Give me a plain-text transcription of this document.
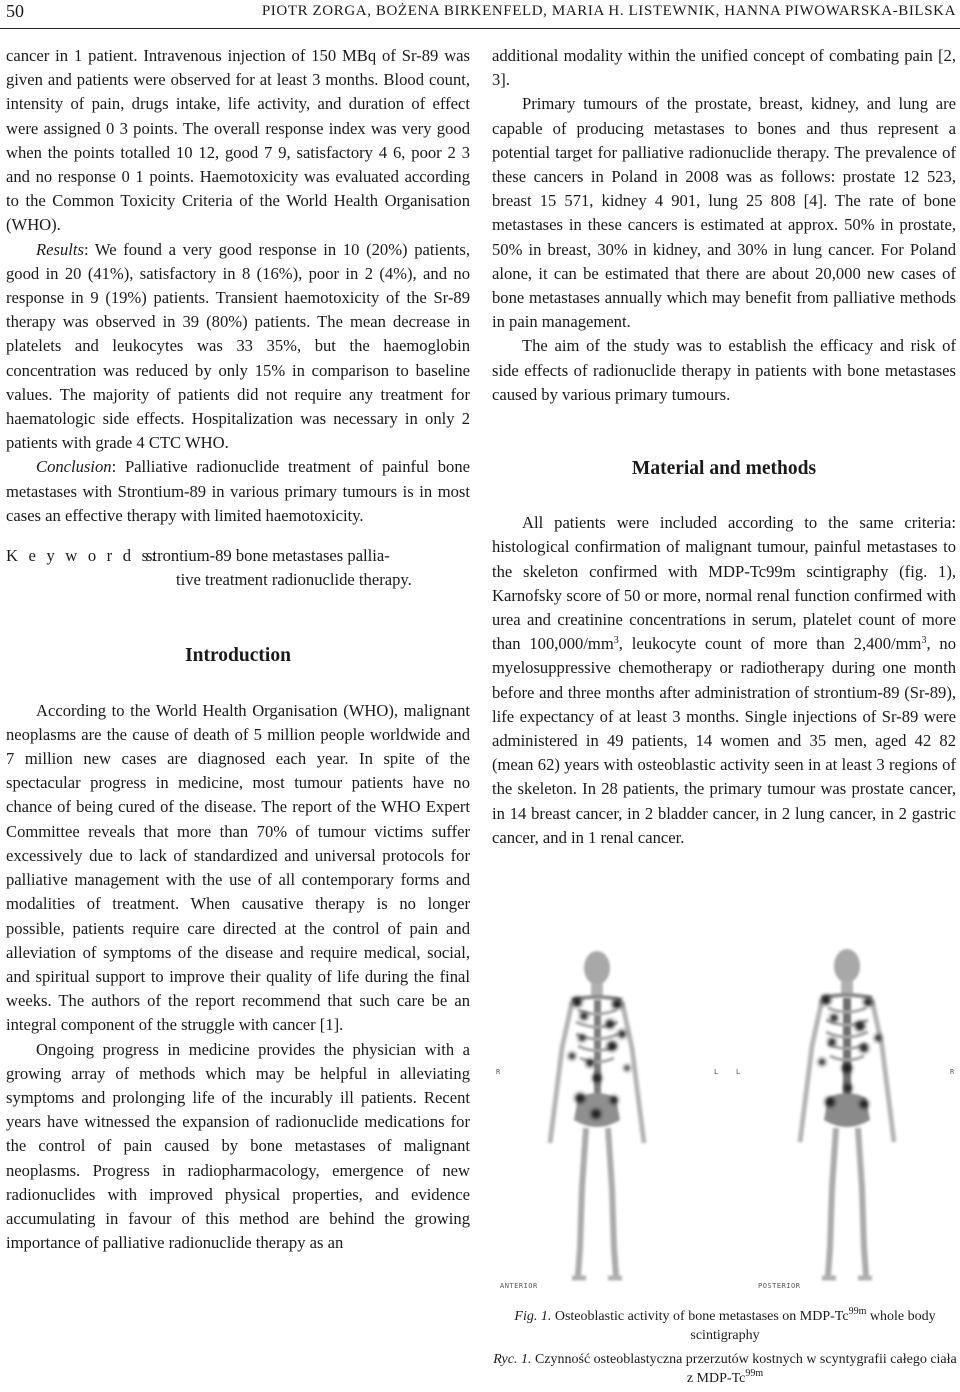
50	PIOTR ZORGA, BOŻENA BIRKENFELD, MARIA H. LISTEWNIK, HANNA PIWOWARSKA-BILSKA

cancer in 1 patient. Intravenous injection of 150 MBq of Sr-89 was given and patients were observed for at least 3 months. Blood count, intensity of pain, drugs intake, life activity, and duration of effect were assigned 0 3 points. The overall response index was very good when the points totalled 10 12, good 7 9, satisfactory 4 6, poor 2 3 and no response 0 1 points. Haemotoxicity was evaluated according to the Common Toxicity Criteria of the World Health Organisation (WHO).

Results: We found a very good response in 10 (20%) patients, good in 20 (41%), satisfactory in 8 (16%), poor in 2 (4%), and no response in 9 (19%) patients. Transient haemotoxicity of the Sr-89 therapy was observed in 39 (80%) patients. The mean decrease in platelets and leukocytes was 33 35%, but the haemoglobin concentration was reduced by only 15% in comparison to baseline values. The majority of patients did not require any treatment for haematologic side effects. Hospitalization was necessary in only 2 patients with grade 4 CTC WHO.

Conclusion: Palliative radionuclide treatment of painful bone metastases with Strontium-89 in various primary tumours is in most cases an effective therapy with limited haemotoxicity.

K e y w o r d s:
strontium-89 bone metastases pallia-
tive treatment radionuclide therapy.
Introduction

According to the World Health Organisation (WHO), malignant neoplasms are the cause of death of 5 million people worldwide and 7 million new cases are diagnosed each year. In spite of the spectacular progress in medicine, most tumour patients have no chance of being cured of the disease. The report of the WHO Expert Committee reveals that more than 70% of tumour victims suffer excessively due to lack of standardized and universal protocols for palliative management with the use of all contemporary forms and modalities of treatment. When causative therapy is no longer possible, patients require care directed at the control of pain and alleviation of symptoms of the disease and require medical, social, and spiritual support to improve their quality of life during the final weeks. The authors of the report recommend that such care be an integral component of the struggle with cancer [1].

Ongoing progress in medicine provides the physician with a growing array of methods which may be helpful in alleviating symptoms and prolonging life of the incurably ill patients. Recent years have witnessed the expansion of radionuclide medications for the control of pain caused by bone metastases of malignant neoplasms. Progress in radiopharmacology, emergence of new radionuclides with improved physical properties, and evidence accumulating in favour of this method are behind the growing importance of palliative radionuclide therapy as an

additional modality within the unified concept of combating pain [2, 3].

Primary tumours of the prostate, breast, kidney, and lung are capable of producing metastases to bones and thus represent a potential target for palliative radionuclide therapy. The prevalence of these cancers in Poland in 2008 was as follows: prostate 12 523, breast 15 571, kidney 4 901, lung 25 808 [4]. The rate of bone metastases in these cancers is estimated at approx. 50% in prostate, 50% in breast, 30% in kidney, and 30% in lung cancer. For Poland alone, it can be estimated that there are about 20,000 new cases of bone metastases annually which may benefit from palliative methods in pain management.

The aim of the study was to establish the efficacy and risk of side effects of radionuclide therapy in patients with bone metastases caused by various primary tumours.

Material and methods

All patients were included according to the same criteria: histological confirmation of malignant tumour, painful metastases to the skeleton confirmed with MDP-Tc99m scintigraphy (fig. 1), Karnofsky score of 50 or more, normal renal function confirmed with urea and creatinine concentrations in serum, platelet count of more than $100,000/mm^3$, leukocyte count of more than $2,400/mm^3$, no myelosuppressive chemotherapy or radiotherapy during one month before and three months after administration of strontium-89 (Sr-89), life expectancy of at least 3 months. Single injections of Sr-89 were administered in 49 patients, 14 women and 35 men, aged 42 82 (mean 62) years with osteoblastic activity seen in at least 3 regions of the skeleton. In 28 patients, the primary tumour was prostate cancer, in 14 breast cancer, in 2 bladder cancer, in 2 lung cancer, in 2 gastric cancer, and in 1 renal cancer.

R	L L	R
ANTERIOR	POSTERIOR
Fig. 1. Osteoblastic activity of bone metastases on MDP-$Tc^{99m}$ whole body scintigraphy
Ryc. 1. Czynność osteoblastyczna przerzutów kostnych w scyntygrafii całego ciała z MDP-$Tc^{99m}$
